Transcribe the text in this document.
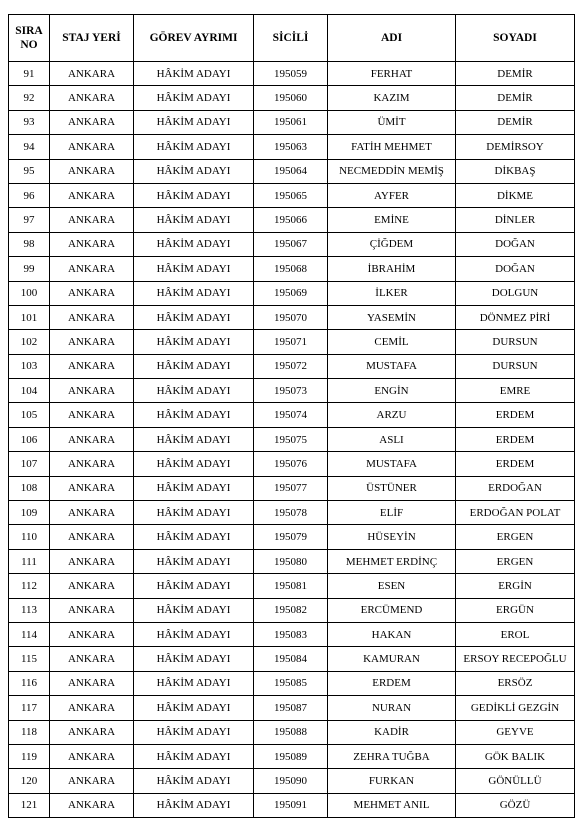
SIRA
NO	STAJ YERİ	GÖREV AYRIMI	SİCİLİ	ADI	SOYADI
91	ANKARA	HÂKİM ADAYI	195059	FERHAT	DEMİR
92	ANKARA	HÂKİM ADAYI	195060	KAZIM	DEMİR
93	ANKARA	HÂKİM ADAYI	195061	ÜMİT	DEMİR
94	ANKARA	HÂKİM ADAYI	195063	FATİH MEHMET	DEMİRSOY
95	ANKARA	HÂKİM ADAYI	195064	NECMEDDİN MEMİŞ	DİKBAŞ
96	ANKARA	HÂKİM ADAYI	195065	AYFER	DİKME
97	ANKARA	HÂKİM ADAYI	195066	EMİNE	DİNLER
98	ANKARA	HÂKİM ADAYI	195067	ÇİĞDEM	DOĞAN
99	ANKARA	HÂKİM ADAYI	195068	İBRAHİM	DOĞAN
100	ANKARA	HÂKİM ADAYI	195069	İLKER	DOLGUN
101	ANKARA	HÂKİM ADAYI	195070	YASEMİN	DÖNMEZ PİRİ
102	ANKARA	HÂKİM ADAYI	195071	CEMİL	DURSUN
103	ANKARA	HÂKİM ADAYI	195072	MUSTAFA	DURSUN
104	ANKARA	HÂKİM ADAYI	195073	ENGİN	EMRE
105	ANKARA	HÂKİM ADAYI	195074	ARZU	ERDEM
106	ANKARA	HÂKİM ADAYI	195075	ASLI	ERDEM
107	ANKARA	HÂKİM ADAYI	195076	MUSTAFA	ERDEM
108	ANKARA	HÂKİM ADAYI	195077	ÜSTÜNER	ERDOĞAN
109	ANKARA	HÂKİM ADAYI	195078	ELİF	ERDOĞAN POLAT
110	ANKARA	HÂKİM ADAYI	195079	HÜSEYİN	ERGEN
111	ANKARA	HÂKİM ADAYI	195080	MEHMET ERDİNÇ	ERGEN
112	ANKARA	HÂKİM ADAYI	195081	ESEN	ERGİN
113	ANKARA	HÂKİM ADAYI	195082	ERCÜMEND	ERGÜN
114	ANKARA	HÂKİM ADAYI	195083	HAKAN	EROL
115	ANKARA	HÂKİM ADAYI	195084	KAMURAN	ERSOY RECEPOĞLU
116	ANKARA	HÂKİM ADAYI	195085	ERDEM	ERSÖZ
117	ANKARA	HÂKİM ADAYI	195087	NURAN	GEDİKLİ GEZGİN
118	ANKARA	HÂKİM ADAYI	195088	KADİR	GEYVE
119	ANKARA	HÂKİM ADAYI	195089	ZEHRA TUĞBA	GÖK BALIK
120	ANKARA	HÂKİM ADAYI	195090	FURKAN	GÖNÜLLÜ
121	ANKARA	HÂKİM ADAYI	195091	MEHMET ANIL	GÖZÜ
